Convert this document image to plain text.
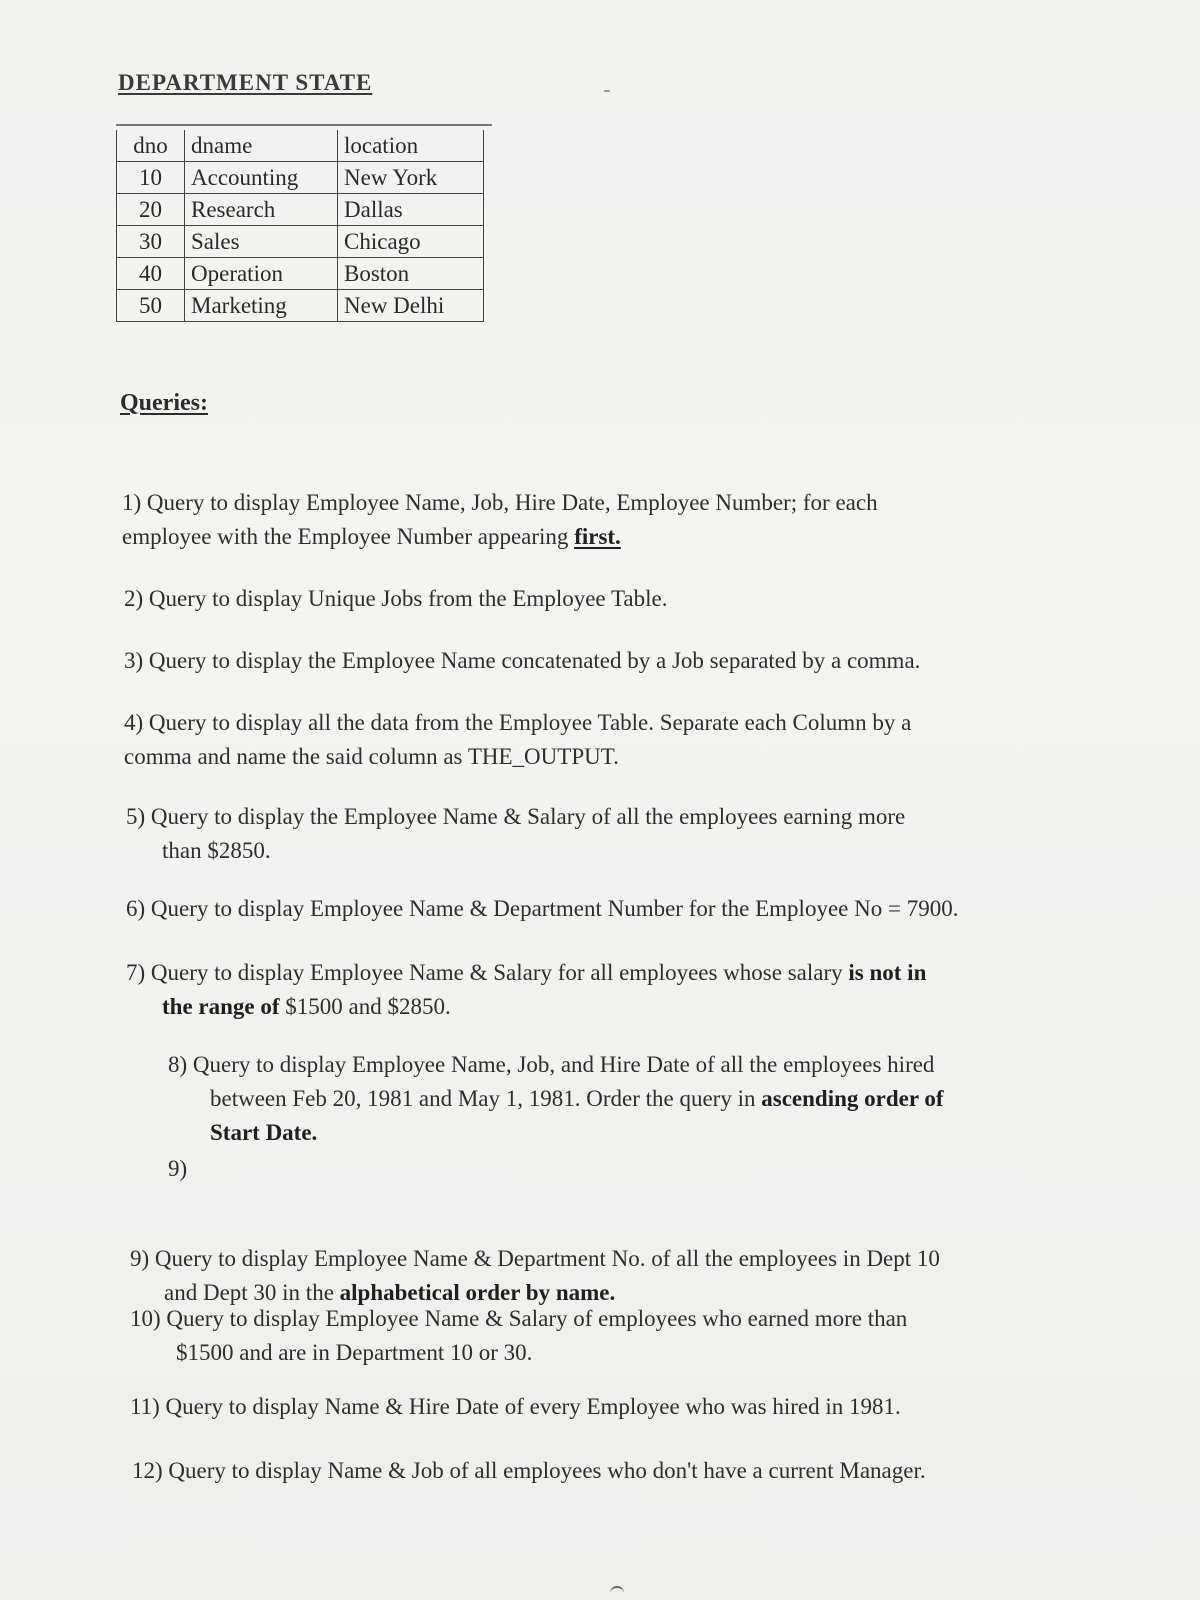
DEPARTMENT STATE
dno	dname	location
10	Accounting	New York
20	Research	Dallas
30	Sales	Chicago
40	Operation	Boston
50	Marketing	New Delhi
Queries:
1) Query to display Employee Name, Job, Hire Date, Employee Number; for each
employee with the Employee Number appearing first.
2) Query to display Unique Jobs from the Employee Table.
3) Query to display the Employee Name concatenated by a Job separated by a comma.
4) Query to display all the data from the Employee Table. Separate each Column by a
comma and name the said column as THE_OUTPUT.
5) Query to display the Employee Name & Salary of all the employees earning more
than $2850.
6) Query to display Employee Name & Department Number for the Employee No = 7900.
7) Query to display Employee Name & Salary for all employees whose salary is not in
the range of $1500 and $2850.
8) Query to display Employee Name, Job, and Hire Date of all the employees hired
between Feb 20, 1981 and May 1, 1981. Order the query in ascending order of
Start Date.
9)
9) Query to display Employee Name & Department No. of all the employees in Dept 10
and Dept 30 in the alphabetical order by name.
10) Query to display Employee Name & Salary of employees who earned more than
$1500 and are in Department 10 or 30.
11) Query to display Name & Hire Date of every Employee who was hired in 1981.
12) Query to display Name & Job of all employees who don't have a current Manager.
